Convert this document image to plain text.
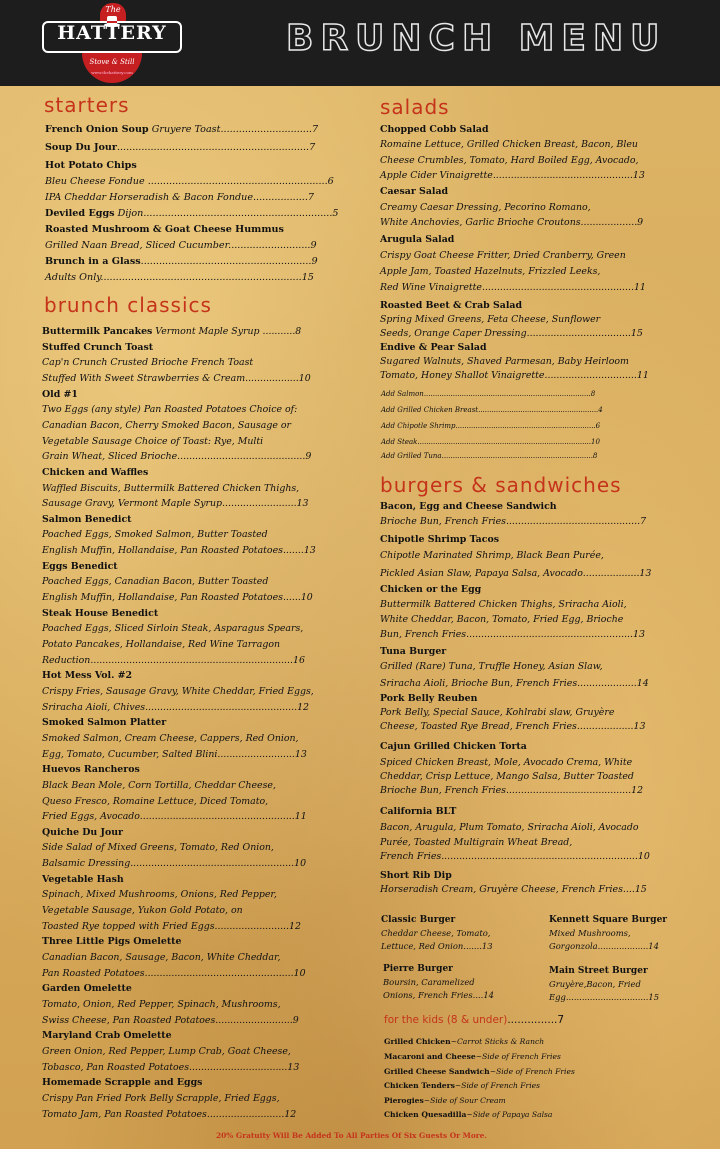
The
HATTERY
Stove & Still
www.thehattery.com
BRUNCH MENU
starters
brunch classics
salads
burgers & sandwiches
French Onion Soup Gruyere Toast..............................7
Soup Du Jour...............................................................7
Hot Potato Chips
Bleu Cheese Fondue ...........................................................6
IPA Cheddar Horseradish & Bacon Fondue..................7
Deviled Eggs Dijon..............................................................5
Roasted Mushroom & Goat Cheese Hummus
Grilled Naan Bread, Sliced Cucumber...........................9
Brunch in a Glass........................................................9
Adults Only..................................................................15
Buttermilk Pancakes Vermont Maple Syrup ...........8
Stuffed Crunch Toast
Cap'n Crunch Crusted Brioche French Toast
Stuffed With Sweet Strawberries & Cream..................10
Old #1
Two Eggs (any style) Pan Roasted Potatoes Choice of:
Canadian Bacon, Cherry Smoked Bacon, Sausage or
Vegetable Sausage Choice of Toast: Rye, Multi
Grain Wheat, Sliced Brioche...........................................9
Chicken and Waffles
Waffled Biscuits, Buttermilk Battered Chicken Thighs,
Sausage Gravy, Vermont Maple Syrup.........................13
Salmon Benedict
Poached Eggs, Smoked Salmon, Butter Toasted
English Muffin, Hollandaise, Pan Roasted Potatoes.......13
Eggs Benedict
Poached Eggs, Canadian Bacon, Butter Toasted
English Muffin, Hollandaise, Pan Roasted Potatoes......10
Steak House Benedict
Poached Eggs, Sliced Sirloin Steak, Asparagus Spears,
Potato Pancakes, Hollandaise, Red Wine Tarragon
Reduction....................................................................16
Hot Mess Vol. #2
Crispy Fries, Sausage Gravy, White Cheddar, Fried Eggs,
Sriracha Aioli, Chives...................................................12
Smoked Salmon Platter
Smoked Salmon, Cream Cheese, Cappers, Red Onion,
Egg, Tomato, Cucumber, Salted Blini..........................13
Huevos Rancheros
Black Bean Mole, Corn Tortilla, Cheddar Cheese,
Queso Fresco, Romaine Lettuce, Diced Tomato,
Fried Eggs, Avocado....................................................11
Quiche Du Jour
Side Salad of Mixed Greens, Tomato, Red Onion,
Balsamic Dressing.......................................................10
Vegetable Hash
Spinach, Mixed Mushrooms, Onions, Red Pepper,
Vegetable Sausage, Yukon Gold Potato, on
Toasted Rye topped with Fried Eggs.........................12
Three Little Pigs Omelette
Canadian Bacon, Sausage, Bacon, White Cheddar,
Pan Roasted Potatoes..................................................10
Garden Omelette
Tomato, Onion, Red Pepper, Spinach, Mushrooms,
Swiss Cheese, Pan Roasted Potatoes..........................9
Maryland Crab Omelette
Green Onion, Red Pepper, Lump Crab, Goat Cheese,
Tobasco, Pan Roasted Potatoes.................................13
Homemade Scrapple and Eggs
Crispy Pan Fried Pork Belly Scrapple, Fried Eggs,
Tomato Jam, Pan Roasted Potatoes..........................12
Chopped Cobb Salad
Romaine Lettuce, Grilled Chicken Breast, Bacon, Bleu
Cheese Crumbles, Tomato, Hard Boiled Egg, Avocado,
Apple Cider Vinaigrette...............................................13
Caesar Salad
Creamy Caesar Dressing, Pecorino Romano,
White Anchovies, Garlic Brioche Croutons...................9
Arugula Salad
Crispy Goat Cheese Fritter, Dried Cranberry, Green
Apple Jam, Toasted Hazelnuts, Frizzled Leeks,
Red Wine Vinaigrette...................................................11
Roasted Beet & Crab Salad
Spring Mixed Greens, Feta Cheese, Sunflower
Seeds, Orange Caper Dressing...................................15
Endive & Pear Salad
Sugared Walnuts, Shaved Parmesan, Baby Heirloom
Tomato, Honey Shallot Vinaigrette...............................11
Add Salmon...........................................................................8
Add Grilled Chicken Breast......................................................4
Add Chipotle Shrimp...............................................................6
Add Steak..............................................................................10
Add Grilled Tuna....................................................................8
Bacon, Egg and Cheese Sandwich
Brioche Bun, French Fries.............................................7
Chipotle Shrimp Tacos
Chipotle Marinated Shrimp, Black Bean Purée,
Pickled Asian Slaw, Papaya Salsa, Avocado...................13
Chicken or the Egg
Buttermilk Battered Chicken Thighs, Sriracha Aioli,
White Cheddar, Bacon, Tomato, Fried Egg, Brioche
Bun, French Fries........................................................13
Tuna Burger
Grilled (Rare) Tuna, Truffle Honey, Asian Slaw,
Sriracha Aioli, Brioche Bun, French Fries....................14
Pork Belly Reuben
Pork Belly, Special Sauce, Kohlrabi slaw, Gruyère
Cheese, Toasted Rye Bread, French Fries...................13
Cajun Grilled Chicken Torta
Spiced Chicken Breast, Mole, Avocado Crema, White
Cheddar, Crisp Lettuce, Mango Salsa, Butter Toasted
Brioche Bun, French Fries..........................................12
California BLT
Bacon, Arugula, Plum Tomato, Sriracha Aioli, Avocado
Purée, Toasted Multigrain Wheat Bread,
French Fries..................................................................10
Short Rib Dip
Horseradish Cream, Gruyère Cheese, French Fries....15
Classic Burger
Cheddar Cheese, Tomato,
Lettuce, Red Onion.......13
Kennett Square Burger
Mixed Mushrooms,
Gorgonzola...................14
Pierre Burger
Boursin, Caramelized
Onions, French Fries....14
Main Street Burger
Gruyère,Bacon, Fried
Egg...............................15
for the kids (8 & under)...............7
Grilled Chicken~Carrot Sticks & Ranch
Macaroni and Cheese~Side of French Fries
Grilled Cheese Sandwich~Side of French Fries
Chicken Tenders~Side of French Fries
Pierogies~Side of Sour Cream
Chicken Quesadilla~Side of Papaya Salsa
20% Gratuity Will Be Added To All Parties Of Six Guests Or More.
